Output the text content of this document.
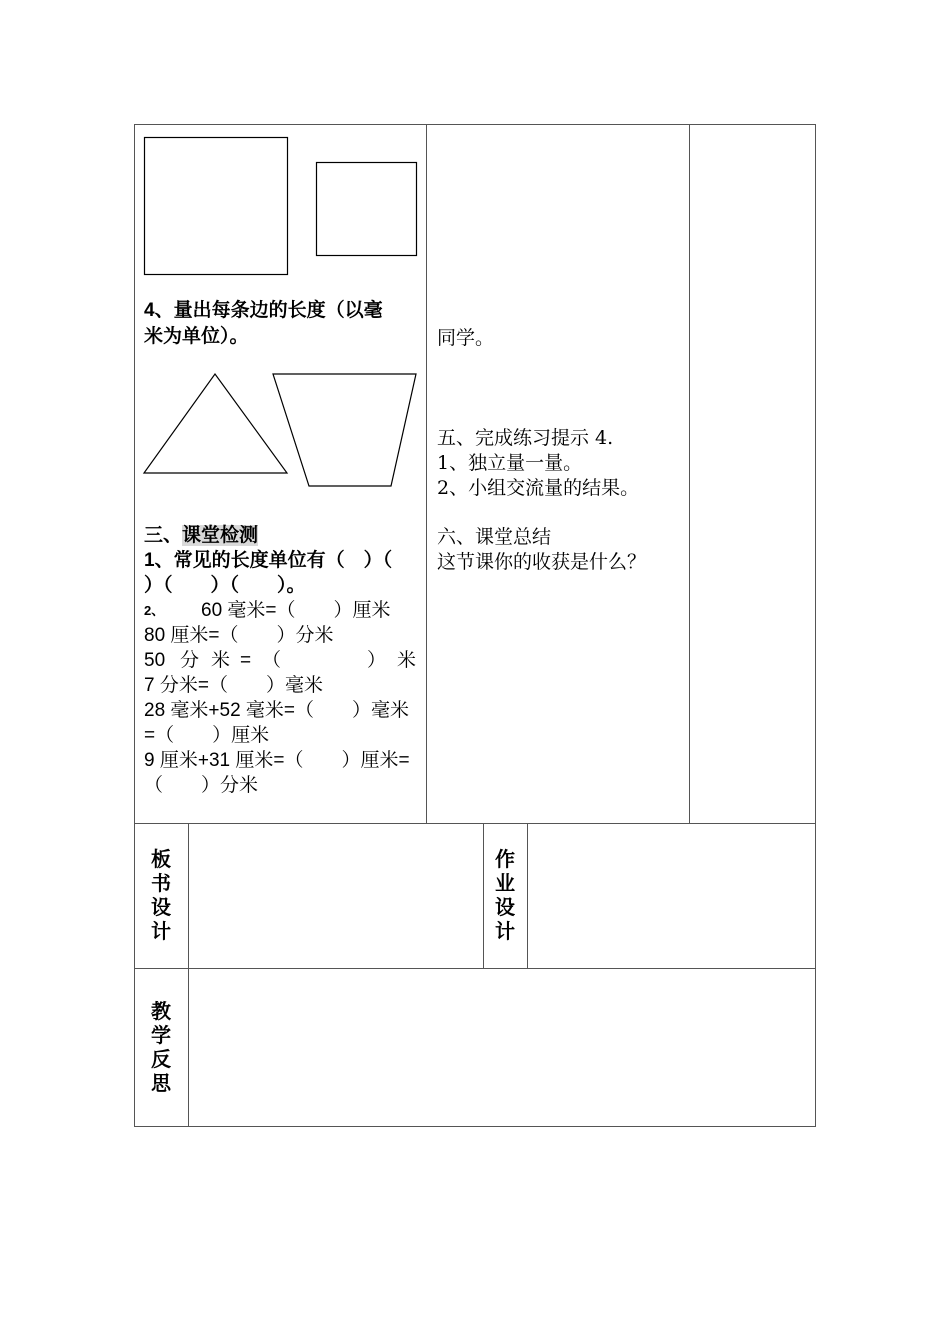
4、量出每条边的长度（以毫
米为单位）。
三、课堂检测
1、常见的长度单位有（　）（
）（　　）（　　）。
2、 60 毫米=（　　）厘米
80 厘米=（　　）分米
50 分 米 = （	） 米
7 分米=（　　）毫米
28 毫米+52 毫米=（　　）毫米
=（　　）厘米
9 厘米+31 厘米=（　　）厘米=
（　　）分米
同学。
五、完成练习提示 4.
1、独立量一量。
2、小组交流量的结果。
六、课堂总结
这节课你的收获是什么？
板书设计
作业设计
教学反思
